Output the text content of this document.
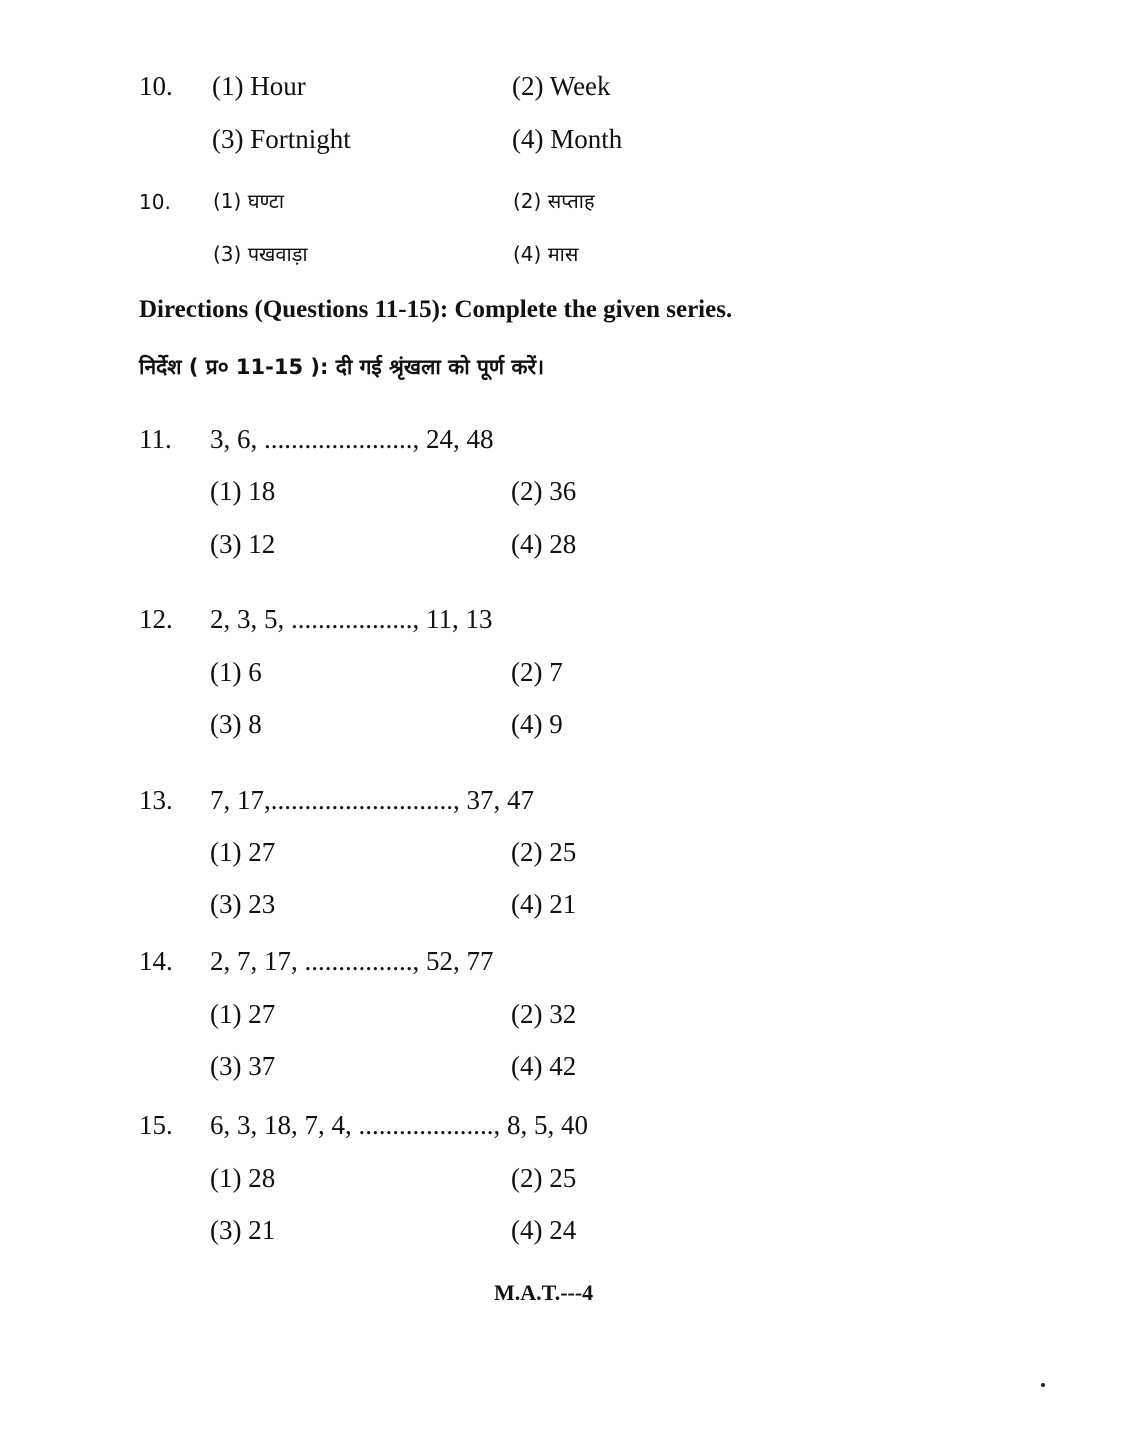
10. (1) Hour	(2) Week
(3) Fortnight	(4) Month
10. (1) घण्टा	(2) सप्ताह
(3) पखवाड़ा	(4) मास
Directions (Questions 11-15): Complete the given series.
निर्देश ( प्र० 11-15 ): दी गई श्रृंखला को पूर्ण करें।
11. 3, 6, ......................, 24, 48
(1) 18	(2) 36
(3) 12	(4) 28
12. 2, 3, 5, .................., 11, 13
(1) 6	(2) 7
(3) 8	(4) 9
13. 7, 17,..........................., 37, 47
(1) 27	(2) 25
(3) 23	(4) 21
14. 2, 7, 17, ................, 52, 77
(1) 27	(2) 32
(3) 37	(4) 42
15. 6, 3, 18, 7, 4, ...................., 8, 5, 40
(1) 28	(2) 25
(3) 21	(4) 24
M.A.T.---4
